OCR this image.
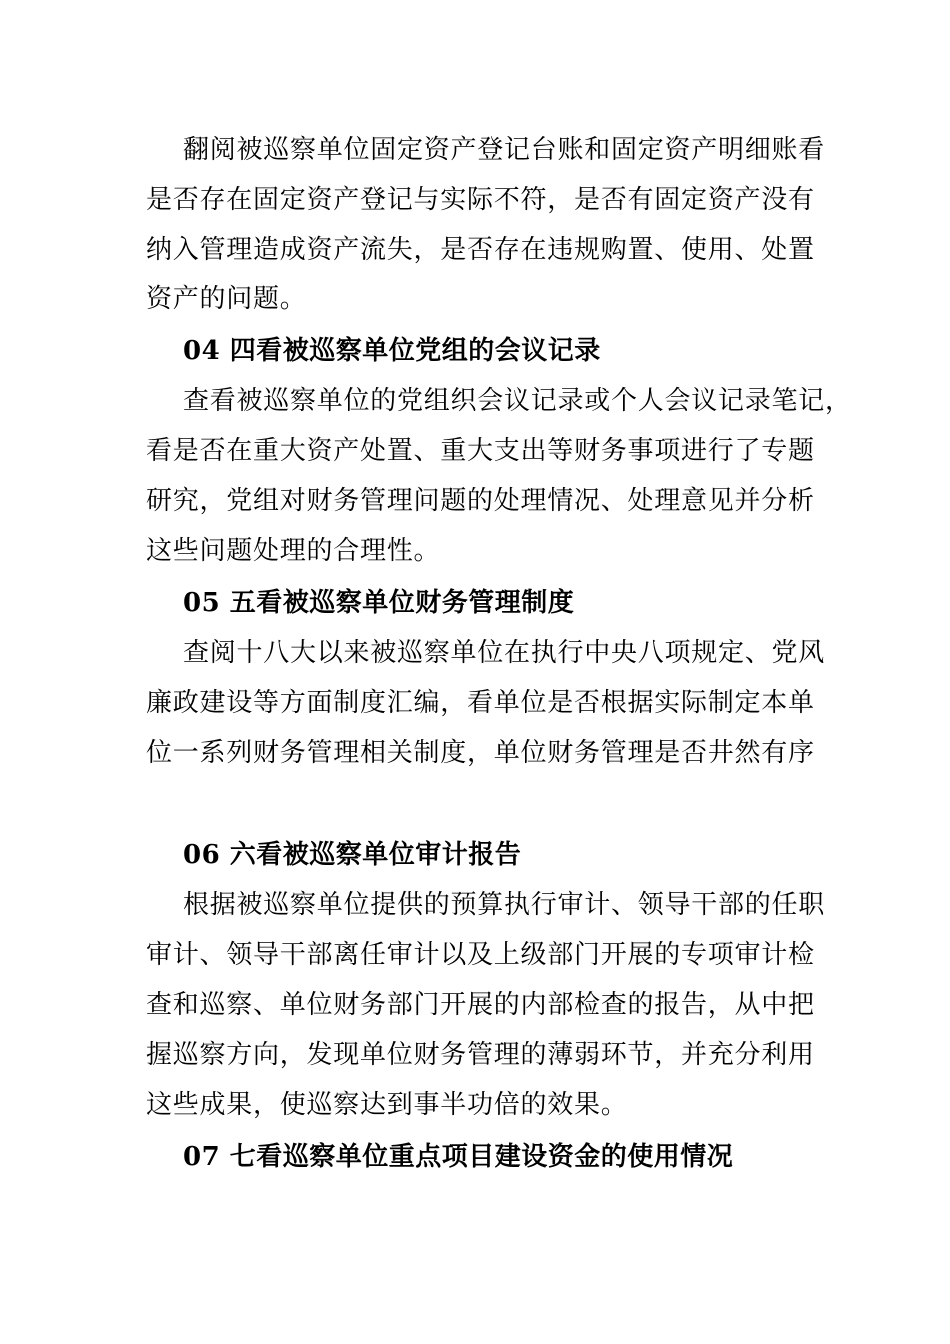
翻阅被巡察单位固定资产登记台账和固定资产明细账看
是否存在固定资产登记与实际不符，是否有固定资产没有
纳入管理造成资产流失，是否存在违规购置、使用、处置
资产的问题。
04 四看被巡察单位党组的会议记录
查看被巡察单位的党组织会议记录或个人会议记录笔记，
看是否在重大资产处置、重大支出等财务事项进行了专题
研究，党组对财务管理问题的处理情况、处理意见并分析
这些问题处理的合理性。
05 五看被巡察单位财务管理制度
查阅十八大以来被巡察单位在执行中央八项规定、党风
廉政建设等方面制度汇编，看单位是否根据实际制定本单
位一系列财务管理相关制度，单位财务管理是否井然有序
06 六看被巡察单位审计报告
根据被巡察单位提供的预算执行审计、领导干部的任职
审计、领导干部离任审计以及上级部门开展的专项审计检
查和巡察、单位财务部门开展的内部检查的报告，从中把
握巡察方向，发现单位财务管理的薄弱环节，并充分利用
这些成果，使巡察达到事半功倍的效果。
07 七看巡察单位重点项目建设资金的使用情况
